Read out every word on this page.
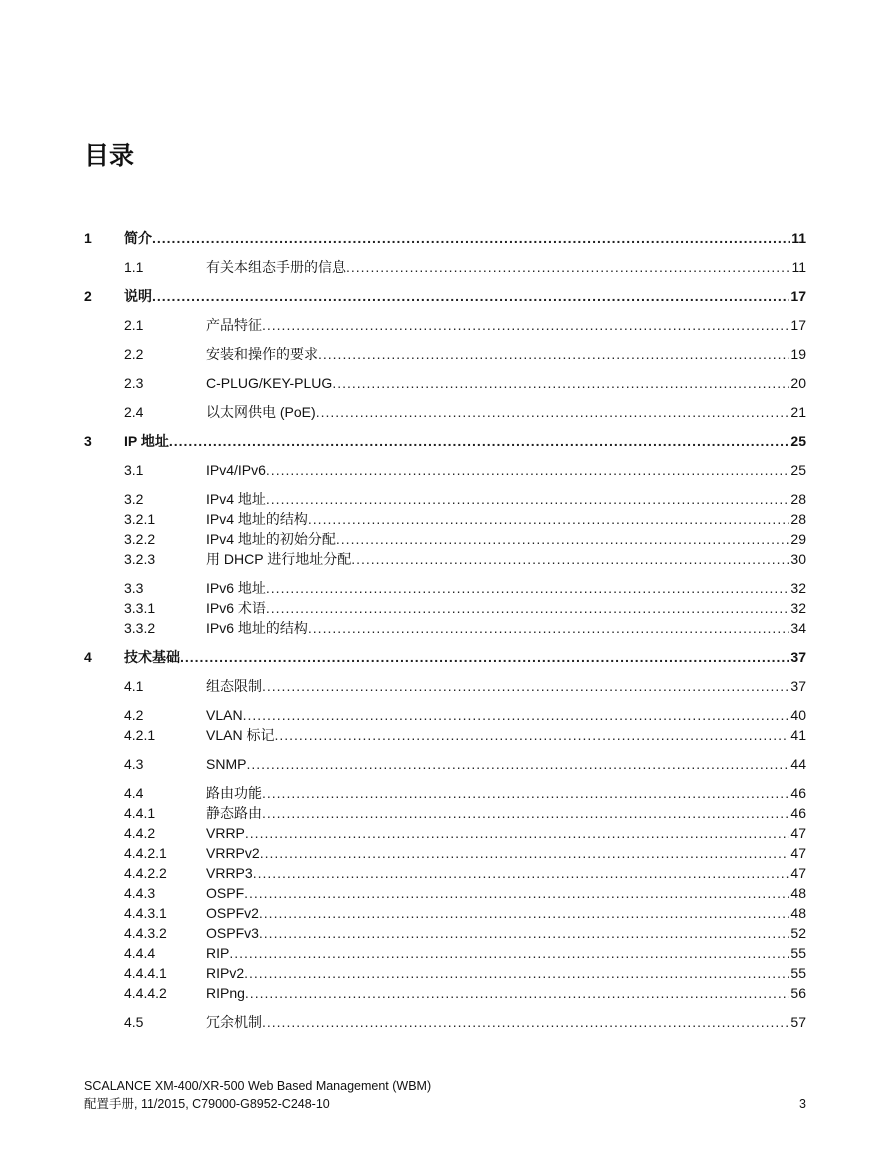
目录
1 简介 .....	11
1.1	有关本组态手册的信息 .....	11
2 说明 .....	17
2.1	产品特征 .....	17
2.2	安装和操作的要求 .....	19
2.3	C-PLUG/KEY-PLUG .....	20
2.4	以太网供电 (PoE) .....	21
3 IP 地址 .....	25
3.1	IPv4/IPv6 .....	25
3.2	IPv4 地址 .....	28
3.2.1	IPv4 地址的结构 .....	28
3.2.2	IPv4 地址的初始分配 .....	29
3.2.3	用 DHCP 进行地址分配 .....	30
3.3	IPv6 地址 .....	32
3.3.1	IPv6 术语 .....	32
3.3.2	IPv6 地址的结构 .....	34
4 技术基础 .....	37
4.1	组态限制 .....	37
4.2	VLAN .....	40
4.2.1	VLAN 标记 .....	41
4.3	SNMP .....	44
4.4	路由功能 .....	46
4.4.1	静态路由 .....	46
4.4.2	VRRP .....	47
4.4.2.1	VRRPv2 .....	47
4.4.2.2	VRRP3 .....	47
4.4.3	OSPF .....	48
4.4.3.1	OSPFv2 .....	48
4.4.3.2	OSPFv3 .....	52
4.4.4	RIP .....	55
4.4.4.1	RIPv2 .....	55
4.4.4.2	RIPng .....	56
4.5	冗余机制 .....	57
SCALANCE XM-400/XR-500 Web Based Management (WBM)
配置手册, 11/2015, C79000-G8952-C248-10	3
